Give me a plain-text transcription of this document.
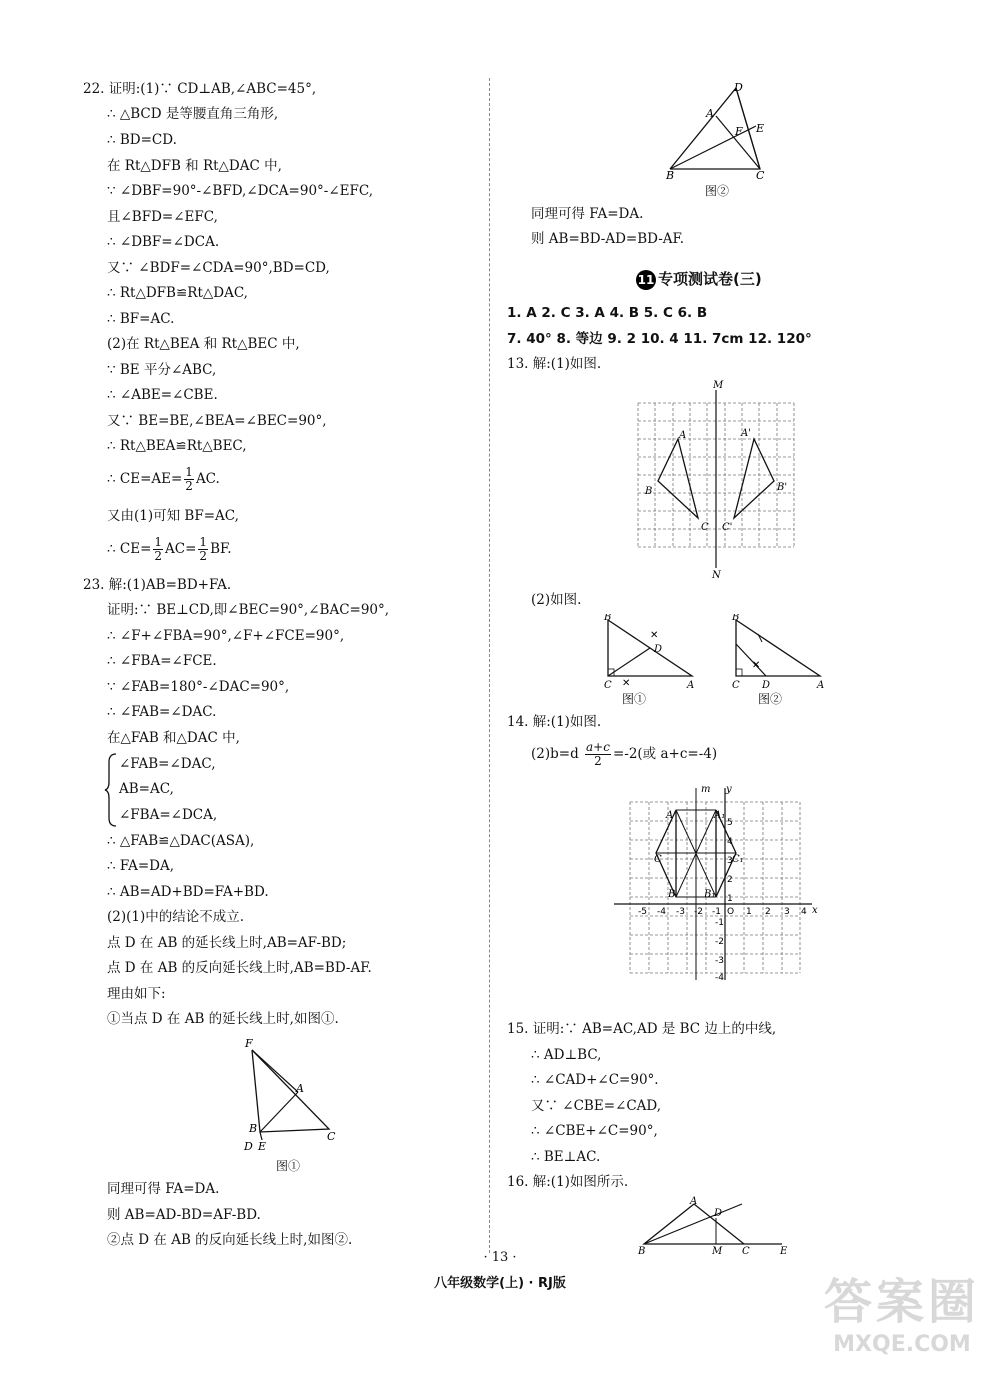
22. 证明:(1)∵ CD⊥AB,∠ABC=45°,
∴ △BCD 是等腰直角三角形,
∴ BD=CD.
在 Rt△DFB 和 Rt△DAC 中,
∵ ∠DBF=90°-∠BFD,∠DCA=90°-∠EFC,
且∠BFD=∠EFC,
∴ ∠DBF=∠DCA.
又∵ ∠BDF=∠CDA=90°,BD=CD,
∴ Rt△DFB≌Rt△DAC,
∴ BF=AC.
(2)在 Rt△BEA 和 Rt△BEC 中,
∵ BE 平分∠ABC,
∴ ∠ABE=∠CBE.
又∵ BE=BE,∠BEA=∠BEC=90°,
∴ Rt△BEA≌Rt△BEC,
∴ $CE=AE= \frac{1}{2}$ AC.
又由(1)可知 BF=AC,
∴ $CE= \frac{1}{2} AC= \frac{1}{2}$ BF.
23. 解:(1)AB=BD+FA.
证明:∵ BE⊥CD,即∠BEC=90°,∠BAC=90°,
∴ ∠F+∠FBA=90°,∠F+∠FCE=90°,
∴ ∠FBA=∠FCE.
∵ ∠FAB=180°-∠DAC=90°,
∴ ∠FAB=∠DAC.
在△FAB 和△DAC 中,
∠FAB=∠DAC,
AB=AC,
∠FBA=∠DCA,
∴ △FAB≌△DAC(ASA),
∴ FA=DA,
∴ AB=AD+BD=FA+BD.
(2)(1)中的结论不成立.
点 D 在 AB 的延长线上时,AB=AF-BD;
点 D 在 AB 的反向延长线上时,AB=BD-AF.
理由如下:
①当点 D 在 AB 的延长线上时,如图①.
F
A
B
C
D E
图①
同理可得 FA=DA.
则 AB=AD-BD=AF-BD.
②点 D 在 AB 的反向延长线上时,如图②.
D
A
F E
B	C
图②
同理可得 FA=DA.
则 AB=BD-AD=BD-AF.
11 专项测试卷(三)
1. A 2. C 3. A 4. B 5. C 6. B
7. 40° 8. 等边 9. 2 10. 4 11. 7cm 12. 120°
13. 解:(1)如图.
M
N
A
B
C
A'
B'
C'
(2)如图.
✕
✕
B
D
C	A
图①
✕
B
C D	A
图②
14. 解:(1)如图.
$(2)b=d \frac{a+c}{2} =-2$(或 a+c=-4)
m y
x
A	A₁
C	C₁
B	B₁
-5 -4 -3 -2 -1 O 1 2 3 4
5
4
3
2
1
-1
-2
-3
-4
15. 证明:∵ AB=AC,AD 是 BC 边上的中线,
∴ AD⊥BC,
∴ ∠CAD+∠C=90°.
又∵ ∠CBE=∠CAD,
∴ ∠CBE+∠C=90°,
∴ BE⊥AC.
16. 解:(1)如图所示.
A
D
B	M C	E
· 13 ·
八年级数学(上) · RJ版	答案圈
MXQE.COM
